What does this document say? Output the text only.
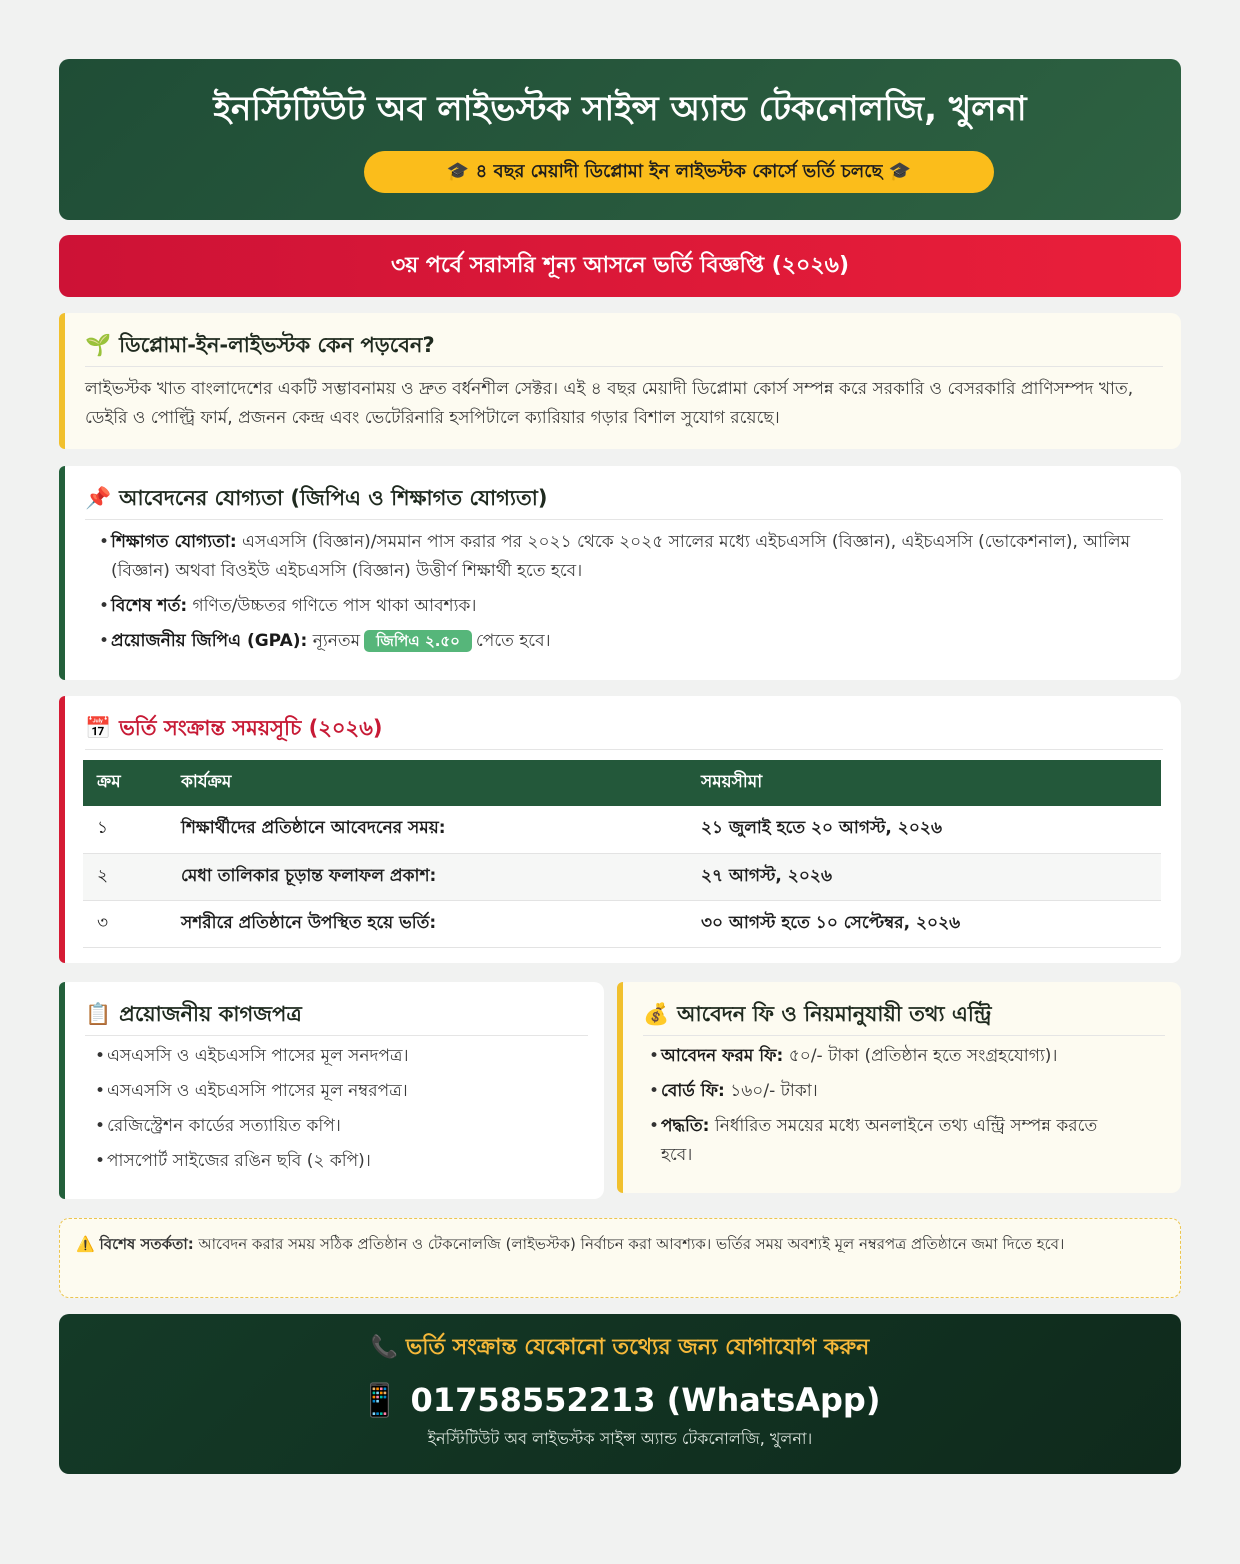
ইনস্টিটিউট অব লাইভস্টক সাইন্স অ্যান্ড টেকনোলজি, খুলনা
🎓 ৪ বছর মেয়াদী ডিপ্লোমা ইন লাইভস্টক কোর্সে ভর্তি চলছে 🎓
৩য় পর্বে সরাসরি শূন্য আসনে ভর্তি বিজ্ঞপ্তি (২০২৬)
🌱 ডিপ্লোমা-ইন-লাইভস্টক কেন পড়বেন?
লাইভস্টক খাত বাংলাদেশের একটি সম্ভাবনাময় ও দ্রুত বর্ধনশীল সেক্টর। এই ৪ বছর মেয়াদী ডিপ্লোমা কোর্স সম্পন্ন করে সরকারি ও বেসরকারি প্রাণিসম্পদ খাত, ডেইরি ও পোল্ট্রি ফার্ম, প্রজনন কেন্দ্র এবং ভেটেরিনারি হসপিটালে ক্যারিয়ার গড়ার বিশাল সুযোগ রয়েছে।
📌 আবেদনের যোগ্যতা (জিপিএ ও শিক্ষাগত যোগ্যতা)
• শিক্ষাগত যোগ্যতা: এসএসসি (বিজ্ঞান)/সমমান পাস করার পর ২০২১ থেকে ২০২৫ সালের মধ্যে এইচএসসি (বিজ্ঞান), এইচএসসি (ভোকেশনাল), আলিম (বিজ্ঞান) অথবা বিওইউ এইচএসসি (বিজ্ঞান) উত্তীর্ণ শিক্ষার্থী হতে হবে।
• বিশেষ শর্ত: গণিত/উচ্চতর গণিতে পাস থাকা আবশ্যক।
• প্রয়োজনীয় জিপিএ (GPA): ন্যূনতম জিপিএ ২.৫০ পেতে হবে।
📅 ভর্তি সংক্রান্ত সময়সূচি (২০২৬)
ক্রম	কার্যক্রম	সময়সীমা
১	শিক্ষার্থীদের প্রতিষ্ঠানে আবেদনের সময়:	২১ জুলাই হতে ২০ আগস্ট, ২০২৬
২	মেধা তালিকার চূড়ান্ত ফলাফল প্রকাশ:	২৭ আগস্ট, ২০২৬
৩	সশরীরে প্রতিষ্ঠানে উপস্থিত হয়ে ভর্তি:	৩০ আগস্ট হতে ১০ সেপ্টেম্বর, ২০২৬
📋 প্রয়োজনীয় কাগজপত্র
• এসএসসি ও এইচএসসি পাসের মূল সনদপত্র।
• এসএসসি ও এইচএসসি পাসের মূল নম্বরপত্র।
• রেজিস্ট্রেশন কার্ডের সত্যায়িত কপি।
• পাসপোর্ট সাইজের রঙিন ছবি (২ কপি)।
💰 আবেদন ফি ও নিয়মানুযায়ী তথ্য এন্ট্রি
• আবেদন ফরম ফি: ৫০/- টাকা (প্রতিষ্ঠান হতে সংগ্রহযোগ্য)।
• বোর্ড ফি: ১৬০/- টাকা।
• পদ্ধতি: নির্ধারিত সময়ের মধ্যে অনলাইনে তথ্য এন্ট্রি সম্পন্ন করতে হবে।
⚠️ বিশেষ সতর্কতা: আবেদন করার সময় সঠিক প্রতিষ্ঠান ও টেকনোলজি (লাইভস্টক) নির্বাচন করা আবশ্যক। ভর্তির সময় অবশ্যই মূল নম্বরপত্র প্রতিষ্ঠানে জমা দিতে হবে।
📞 ভর্তি সংক্রান্ত যেকোনো তথ্যের জন্য যোগাযোগ করুন
📱 01758552213 (WhatsApp)
ইনস্টিটিউট অব লাইভস্টক সাইন্স অ্যান্ড টেকনোলজি, খুলনা।
